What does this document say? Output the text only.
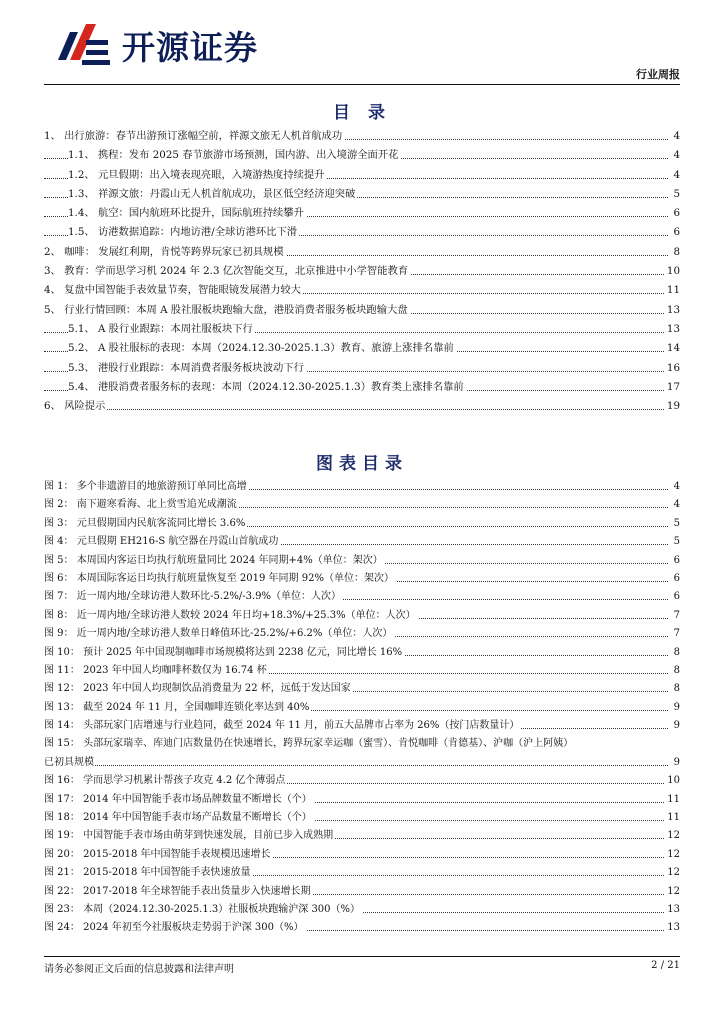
开源证券
行业周报
目 录
1、 出行旅游：春节出游预订涨幅空前，祥源文旅无人机首航成功	4
1.1、 携程：发布 2025 春节旅游市场预测，国内游、出入境游全面开花	4
1.2、 元旦假期：出入境表现亮眼，入境游热度持续提升	4
1.3、 祥源文旅：丹霞山无人机首航成功，景区低空经济迎突破	5
1.4、 航空：国内航班环比提升，国际航班持续攀升	6
1.5、 访港数据追踪：内地访港/全球访港环比下滑	6
2、 咖啡： 发展红利期，肯悦等跨界玩家已初具规模	8
3、 教育：学而思学习机 2024 年 2.3 亿次智能交互，北京推进中小学智能教育	10
4、 复盘中国智能手表效量节奏，智能眼镜发展潜力较大	11
5、 行业行情回顾：本周 A 股社服板块跑输大盘，港股消费者服务板块跑输大盘	13
5.1、 A 股行业跟踪：本周社服板块下行	13
5.2、 A 股社服标的表现：本周（2024.12.30-2025.1.3）教育、旅游上涨排名靠前	14
5.3、 港股行业跟踪：本周消费者服务板块波动下行	16
5.4、 港股消费者服务标的表现：本周（2024.12.30-2025.1.3）教育类上涨排名靠前	17
6、 风险提示	19
图表目录
图 1： 多个非遗游目的地旅游预订单同比高增	4
图 2： 南下避寒看海、北上赏雪追光成潮流	4
图 3： 元旦假期国内民航客流同比增长 3.6%	5
图 4： 元旦假期 EH216-S 航空器在丹霞山首航成功	5
图 5： 本周国内客运日均执行航班量同比 2024 年同期+4%（单位：架次）	6
图 6： 本周国际客运日均执行航班量恢复至 2019 年同期 92%（单位：架次）	6
图 7： 近一周内地/全球访港人数环比-5.2%/-3.9%（单位：人次）	6
图 8： 近一周内地/全球访港人数较 2024 年日均+18.3%/+25.3%（单位：人次）	7
图 9： 近一周内地/全球访港人数单日峰值环比-25.2%/+6.2%（单位：人次）	7
图 10： 预计 2025 年中国现制咖啡市场规模将达到 2238 亿元，同比增长 16%	8
图 11： 2023 年中国人均咖啡杯数仅为 16.74 杯	8
图 12： 2023 年中国人均现制饮品消费量为 22 杯，远低于发达国家	8
图 13： 截至 2024 年 11 月，全国咖啡连锁化率达到 40%	9
图 14： 头部玩家门店增速与行业趋同，截至 2024 年 11 月，前五大品牌市占率为 26%（按门店数量计）	9
图 15： 头部玩家瑞幸、库迪门店数量仍在快速增长，跨界玩家幸运咖（蜜雪）、肯悦咖啡（肯德基）、沪咖（沪上阿姨）
已初具规模	9
图 16： 学而思学习机累计帮孩子攻克 4.2 亿个薄弱点	10
图 17： 2014 年中国智能手表市场品牌数量不断增长（个）	11
图 18： 2014 年中国智能手表市场产品数量不断增长（个）	11
图 19： 中国智能手表市场由萌芽到快速发展，目前已步入成熟期	12
图 20： 2015-2018 年中国智能手表规模迅速增长	12
图 21： 2015-2018 年中国智能手表快速放量	12
图 22： 2017-2018 年全球智能手表出货量步入快速增长期	12
图 23： 本周（2024.12.30-2025.1.3）社服板块跑输沪深 300（%）	13
图 24： 2024 年初至今社服板块走势弱于沪深 300（%）	13
请务必参阅正文后面的信息披露和法律声明	2 / 21
